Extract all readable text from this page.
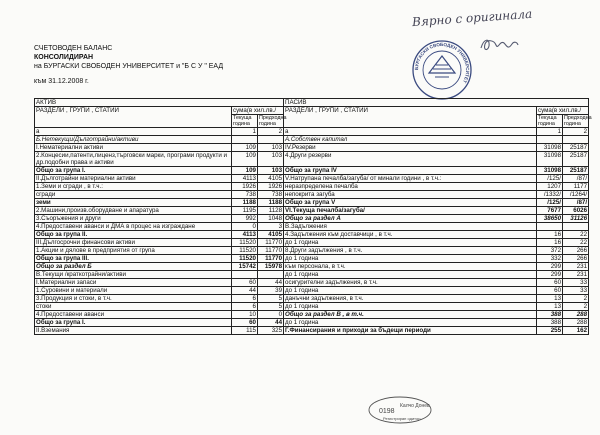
СЧЕТОВОДЕН БАЛАНС
КОНСОЛИДИРАН
на БУРГАСКИ СВОБОДЕН УНИВЕРСИТЕТ и "Б С У " ЕАД
към 31.12.2008 г.
Вярно с оригинала
БУРГАСКИ СВОБОДЕН УНИВЕРСИТЕТ
0198
Калчо Донев
Регистриран одитор
АКТИВ			ПАСИВ		
РАЗДЕЛИ , ГРУПИ , СТАТИИ	сума(в хил.лв./		РАЗДЕЛИ , ГРУПИ , СТАТИИ	сума(в хил.лв./	
	Текуща година	Предходна година		Текуща година	Предходна година
а	1	2	а	1	2
Б.Нетекущи/Дълготрайни/активи			А.Собствен капитал		
I.Нематериални активи	109	103	IV.Резерви	31098	25187
2.Концесии,патенти,лиценз,търговски марки, програми продукти и др.подобни права и активи	109	103	4.Други резерви	31098	25187
Общо за група I.	109	103	Общо за група IV	31098	25187
II.Дълготрайни материални активи	4113	4105	V.Натрупана печалба/загуба/ от минали години , в т.ч.:	/125/	/87/
1.Земи и сгради , в т.ч.:	1926	1926	неразпределена печалба	1207	1177
сгради	738	738	непокрита загуба	/1332/	/1264/
земи	1188	1188	Общо за група V	/125/	/87/
2.Машини,произв.оборудване и апаратура	1195	1128	VI.Текуща печалба/загуба/	7677	6026
3.Съоръжения и други	992	1048	Общо за раздел А	38650	31126
4.Предоставени аванси и ДМА в процес на изграждане	0	3	В.Задължения		
Общо за група II.	4113	4105	4.Задължения към доставчици , в т.ч.	16	22
III.Дългосрочни финансови активи	11520	11770	до 1 година	16	22
1.Акции и дялове в предприятия от група	11520	11770	8.Други задължения , в т.ч.	372	266
Общо за група III.	11520	11770	до 1 година	332	266
Общо за раздел Б	15742	15978	към персонала, в т.ч.	299	231
В.Текущи /краткотрайни/активи			до 1 година	299	231
I.Материални запаси	60	44	осигурителни задължения, в т.ч.	60	33
1.Суровини и материали	44	39	до 1 година	60	33
3.Продукция и стоки, в т.ч.	6	5	данъчни задължения, в т.ч.	13	2
стоки	6	5	до 1 година	13	2
4.Предоставени аванси	10	0	Общо за раздел В , в т.ч.	388	288
Общо за група I.	60	44	до 1 година	388	288
II.Вземания	115	325	Г.Финансирания и приходи за бъдещи периоди	255	162
